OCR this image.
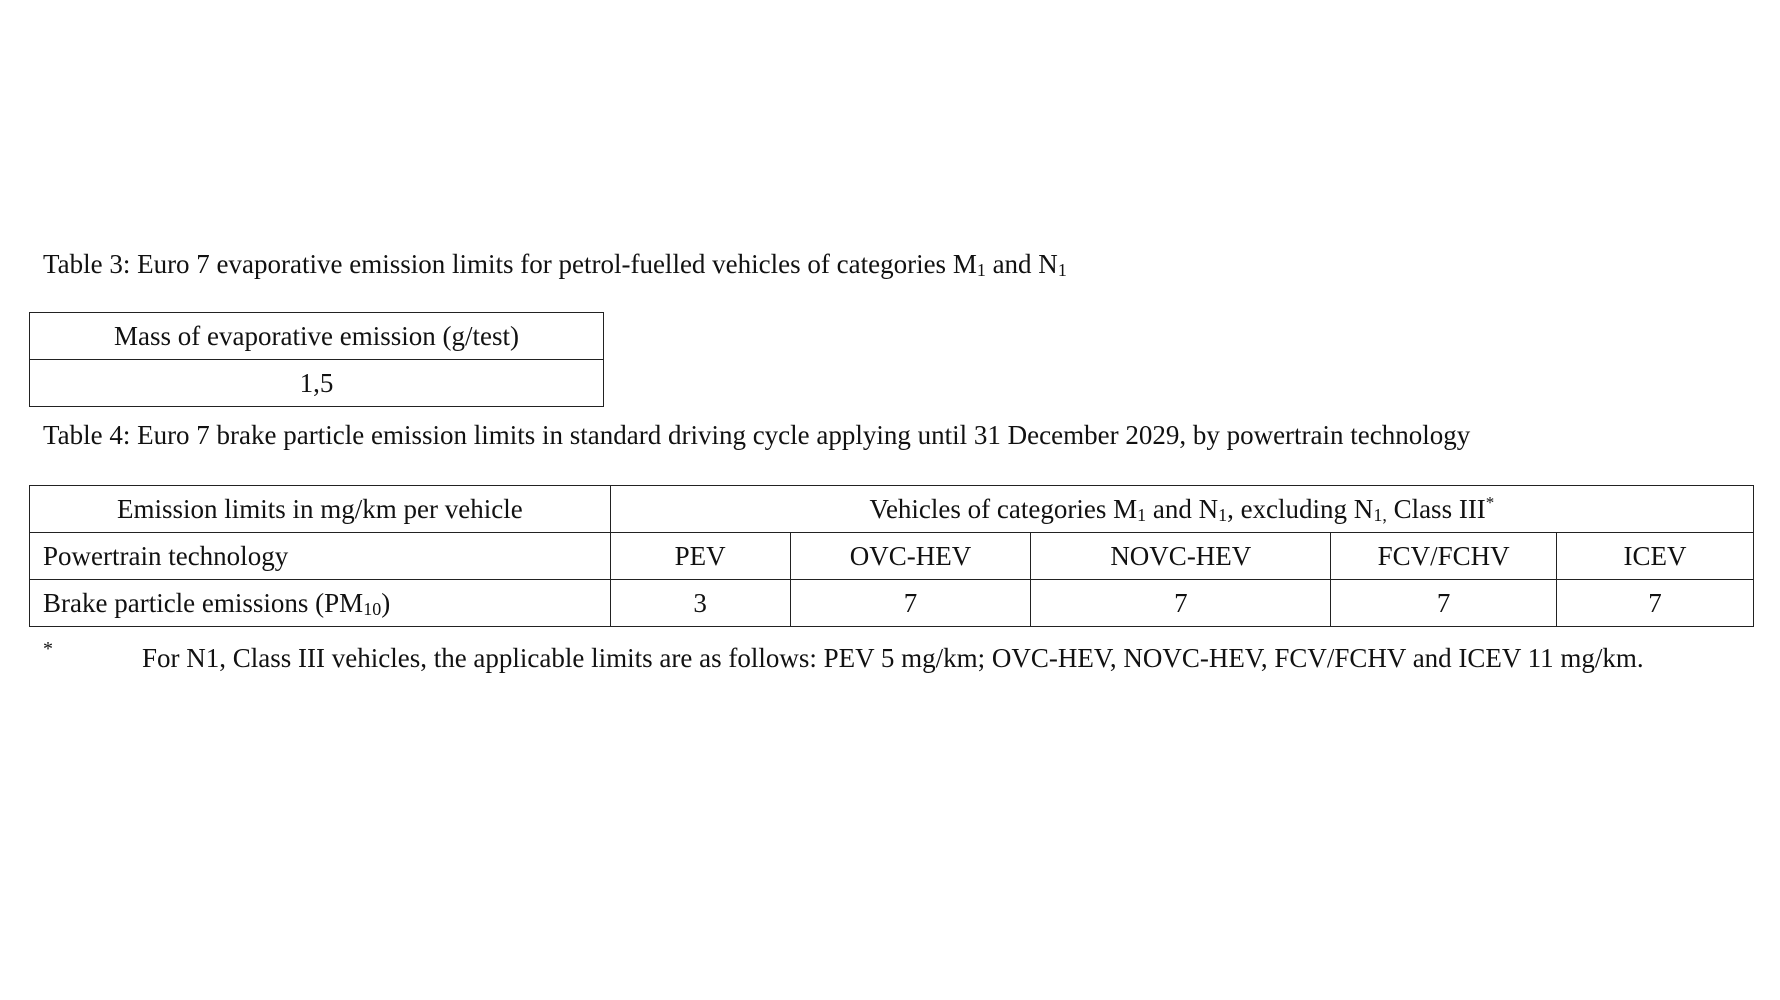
Table 3: Euro 7 evaporative emission limits for petrol-fuelled vehicles of categories $M_1$ and $N_1$
Mass of evaporative emission (g/test)
1,5
Table 4: Euro 7 brake particle emission limits in standard driving cycle applying until 31 December 2029, by powertrain technology
Emission limits in mg/km per vehicle	Vehicles of categories $M_1$ and $N_1$, excluding $N_{1,}$ Class III*
Powertrain technology	PEV	OVC-HEV	NOVC-HEV	FCV/FCHV	ICEV
Brake particle emissions $(PM_{10})$	3	7	7	7	7
*	For N1, Class III vehicles, the applicable limits are as follows: PEV 5 mg/km; OVC-HEV, NOVC-HEV, FCV/FCHV and ICEV 11 mg/km.
